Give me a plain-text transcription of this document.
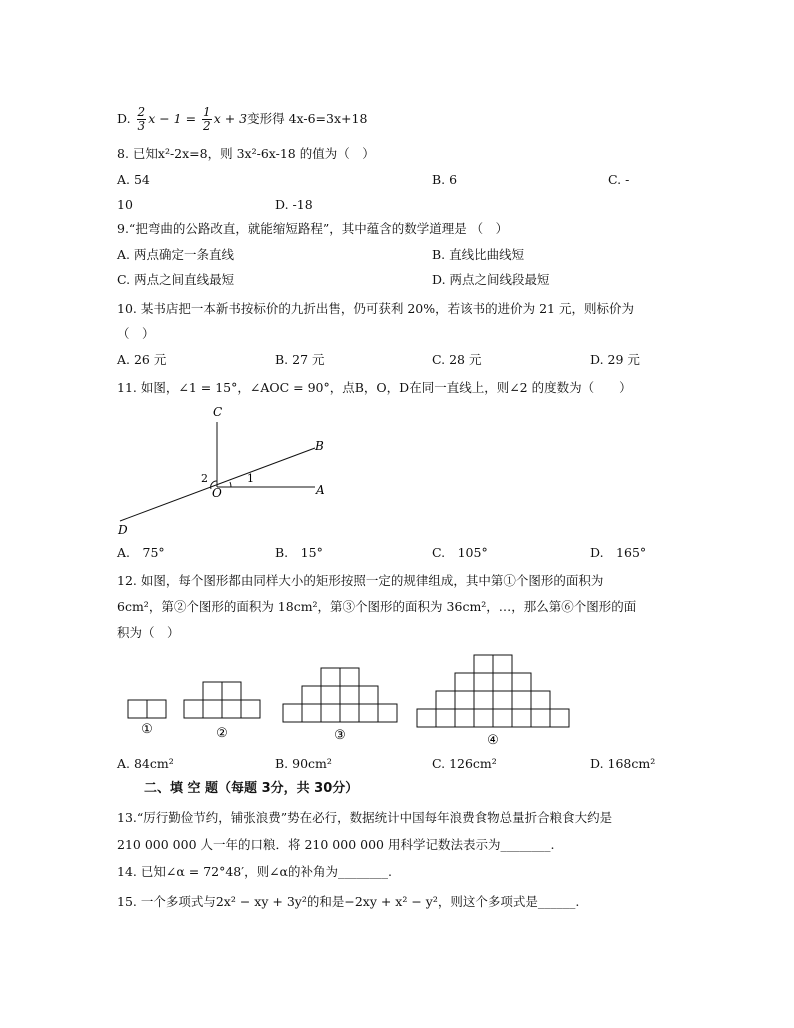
D. $\frac{2}{3}$ $x - 1 = \frac{1}{2}$ x + 3变形得 4x-6=3x+18
8. 已知x²-2x=8，则 3x²-6x-18 的值为（　）
A. 54	B. 6	C. -
10	D. -18
9.“把弯曲的公路改直，就能缩短路程”，其中蕴含的数学道理是 （　）
A. 两点确定一条直线	B. 直线比曲线短
C. 两点之间直线最短	D. 两点之间线段最短
10. 某书店把一本新书按标价的九折出售，仍可获利 20%，若该书的进价为 21 元，则标价为
（　）
A. 26 元	B. 27 元	C. 28 元	D. 29 元
11. 如图，∠1 = 15°，∠AOC = 90°，点B，O，D在同一直线上，则∠2 的度数为（　　）
C
B
A
O
D
1
2
A.　75°	B.　15°	C.　105°	D.　165°
12. 如图，每个图形都由同样大小的矩形按照一定的规律组成，其中第①个图形的面积为
6cm²，第②个图形的面积为 18cm²，第③个图形的面积为 36cm²，…，那么第⑥个图形的面
积为（　）
①	②	③	④
A. 84cm²	B. 90cm²	C. 126cm²	D. 168cm²
二、填 空 题（每题 3分，共 30分）
13.“厉行勤俭节约，铺张浪费”势在必行，数据统计中国每年浪费食物总量折合粮食大约是
210 000 000 人一年的口粮．将 210 000 000 用科学记数法表示为________.
14. 已知∠α = 72°48′，则∠α的补角为________.
15. 一个多项式与2x² − xy + 3y²的和是−2xy + x² − y²，则这个多项式是______.
